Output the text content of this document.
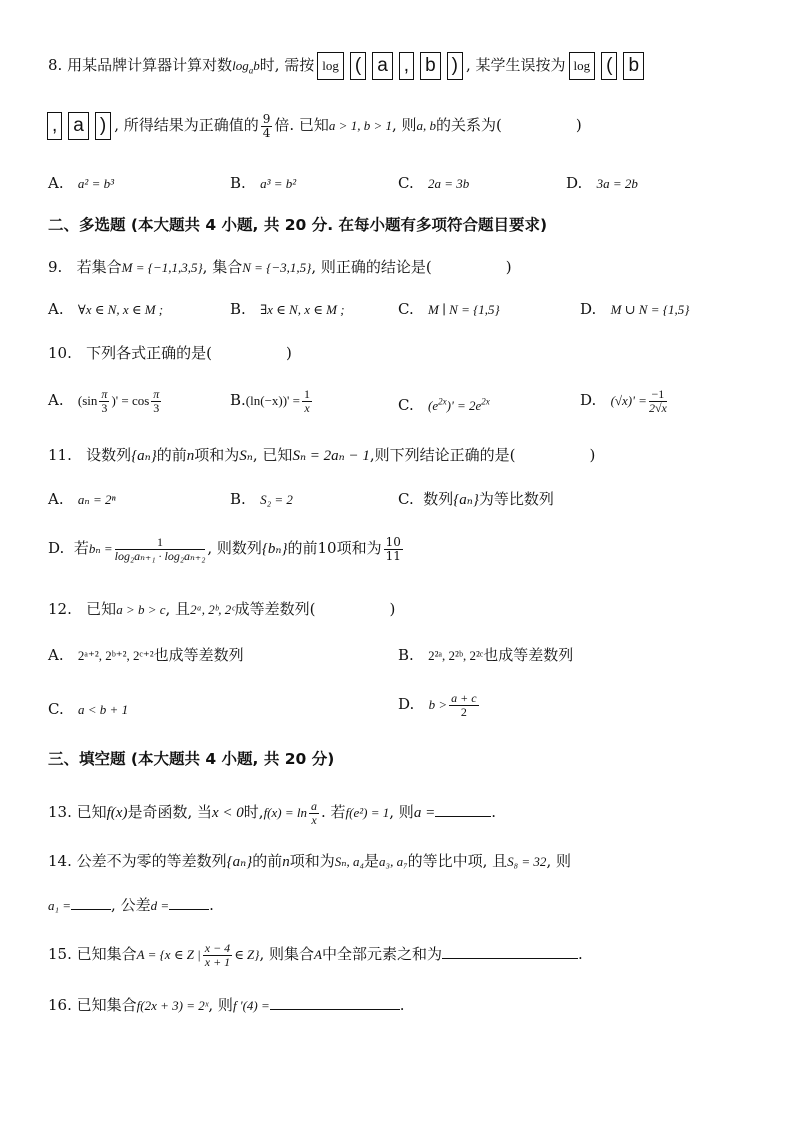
8. 用某品牌计算器计算对数$\log_ab$时, 需按 log ( a , b ) , 某学生误按为 log ( b
, a ) , 所得结果为正确值的 $\frac{9}{4}$ 倍. 已知a > 1, b > 1, 则a, b的关系为(	)
A. a² = b³	B. a³ = b²	C. 2a = 3b	D. 3a = 2b
二、多选题 (本大题共 4 小题, 共 20 分. 在每小题有多项符合题目要求)
9. 若集合M = {−1,1,3,5}, 集合N = {−3,1,5}, 则正确的结论是(	)
A. ∀x ∈ N, x ∈ M ;	B. ∃x ∈ N, x ∈ M ;	C. M ∣ N = {1,5}	D. M ∪ N = {1,5}
10. 下列各式正确的是(	)
A. ($\sin \frac{\pi}{3}$ )' = $\cos \frac{\pi}{3}$	$B.(\ln(-x))' = \frac{1}{x}$	C. $(e^{2x})' = 2e^{2x}$	D. $(√x)' = \frac{-1}{2√x}$
11. 设数列{aₙ}的前n项和为Sₙ, 已知Sₙ = 2aₙ − 1,则下列结论正确的是(	)
A. aₙ = 2ⁿ	B. S₂ = 2	C. 数列{aₙ}为等比数列
D. 若$b_n = \frac{1}{\text{log₂aₙ₊₁ · log₂aₙ₊₂}}$ , 则数列{bₙ}的前10项和为 $\frac{10}{11}$
12. 已知a > b > c, 且2ᵃ, 2ᵇ, 2ᶜ成等差数列(	)
A. 2ᵃ⁺², 2ᵇ⁺², 2ᶜ⁺²也成等差数列	B. 2²ᵃ, 2²ᵇ, 2²ᶜ也成等差数列
C. a < b + 1	D. $b > \frac{a + c}{2}$
三、填空题 (本大题共 4 小题, 共 20 分)
13. 已知f(x)是奇函数, 当x < 0时$,f(x) = \ln \frac{a}{x}$ . 若f(e²) = 1, 则a =	.
14. 公差不为零的等差数列{aₙ}的前n项和为Sₙ, a₄是a₃, a₇的等比中项, 且S₈ = 32, 则
a₁ =	, 公差d =	.
15. 已知集合A = {x ∈ Z | $\frac{x - 4}{x + 1}$ ∈ Z}, 则集合A中全部元素之和为	.
16. 已知集合f(2x + 3) = 2ˣ, 则f '(4) =	.
